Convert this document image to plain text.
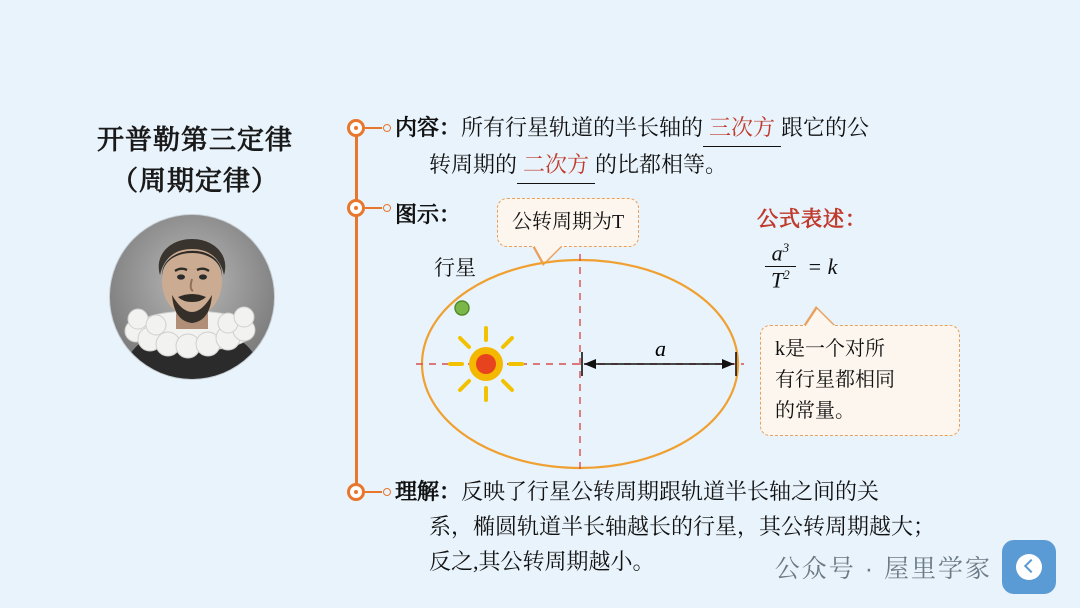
开普勒第三定律
（周期定律）
内容：所有行星轨道的半长轴的 三次方 跟它的公
转周期的 二次方 的比都相等。
图示：	公转周期为T
行星
a
公式表述：
$\frac{a^3}{T^2} = k$
k是一个对所
有行星都相同
的常量。
理解：反映了行星公转周期跟轨道半长轴之间的关
系，椭圆轨道半长轴越长的行星，其公转周期越大；
反之,其公转周期越小。	公众号 · 屋里学家
